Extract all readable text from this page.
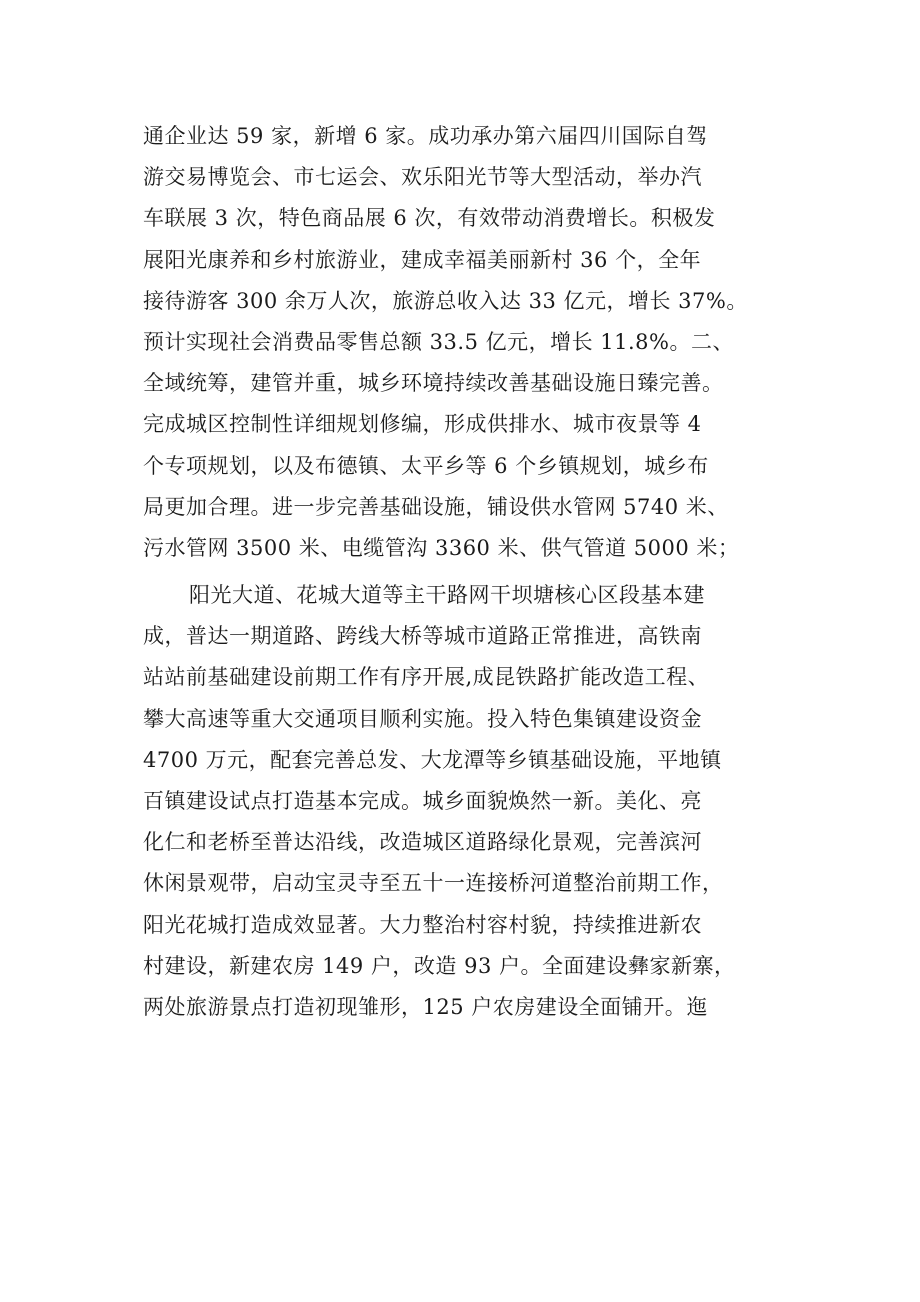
通企业达 59 家，新增 6 家。成功承办第六届四川国际自驾
游交易博览会、市七运会、欢乐阳光节等大型活动，举办汽
车联展 3 次，特色商品展 6 次，有效带动消费增长。积极发
展阳光康养和乡村旅游业，建成幸福美丽新村 36 个，全年
接待游客 300 余万人次，旅游总收入达 33 亿元，增长 37%。
预计实现社会消费品零售总额 33.5 亿元，增长 11.8%。二、
全域统筹，建管并重，城乡环境持续改善基础设施日臻完善。
完成城区控制性详细规划修编，形成供排水、城市夜景等 4
个专项规划，以及布德镇、太平乡等 6 个乡镇规划，城乡布
局更加合理。进一步完善基础设施，铺设供水管网 5740 米、
污水管网 3500 米、电缆管沟 3360 米、供气管道 5000 米；
阳光大道、花城大道等主干路网干坝塘核心区段基本建
成，普达一期道路、跨线大桥等城市道路正常推进，高铁南
站站前基础建设前期工作有序开展,成昆铁路扩能改造工程、
攀大高速等重大交通项目顺利实施。投入特色集镇建设资金
4700 万元，配套完善总发、大龙潭等乡镇基础设施，平地镇
百镇建设试点打造基本完成。城乡面貌焕然一新。美化、亮
化仁和老桥至普达沿线，改造城区道路绿化景观，完善滨河
休闲景观带，启动宝灵寺至五十一连接桥河道整治前期工作，
阳光花城打造成效显著。大力整治村容村貌，持续推进新农
村建设，新建农房 149 户，改造 93 户。全面建设彝家新寨，
两处旅游景点打造初现雏形，125 户农房建设全面铺开。迤
